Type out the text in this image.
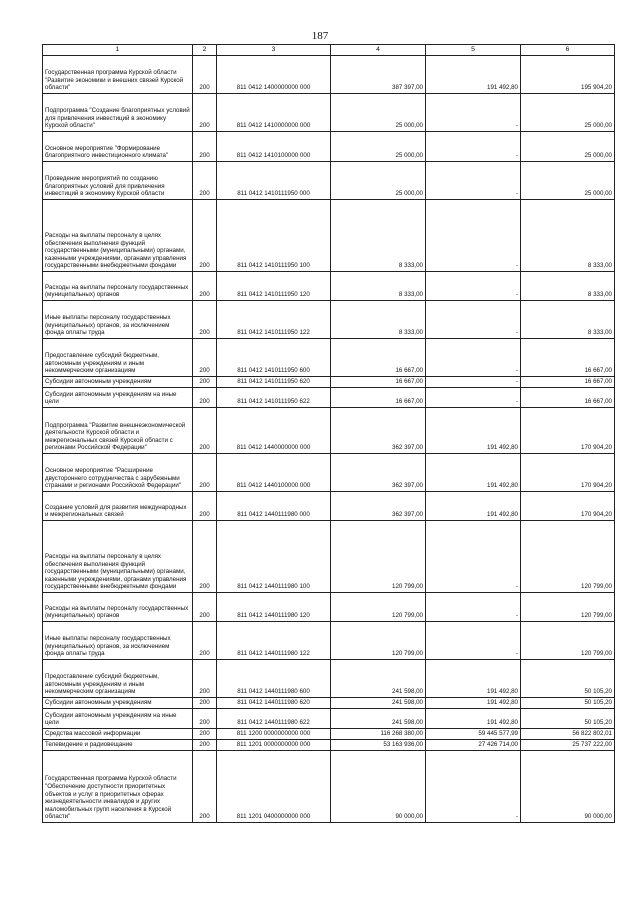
187
1	2	3	4	5	6
Государственная программа Курской области "Развитие экономики и внешних связей Курской области"	200	811 0412 1400000000 000	387 397,00	191 492,80	195 904,20
Подпрограмма "Создание благоприятных условий для привлечения инвестиций в экономику Курской области"	200	811 0412 1410000000 000	25 000,00	-	25 000,00
Основное мероприятие "Формирование благоприятного инвестиционного климата"	200	811 0412 1410100000 000	25 000,00	-	25 000,00
Проведение мероприятий по созданию благоприятных условий для привлечения инвестиций в экономику Курской области	200	811 0412 1410111950 000	25 000,00	-	25 000,00
Расходы на выплаты персоналу в целях обеспечения выполнения функций государственными (муниципальными) органами, казенными учреждениями, органами управления государственными внебюджетными фондами	200	811 0412 1410111950 100	8 333,00	-	8 333,00
Расходы на выплаты персоналу государственных (муниципальных) органов	200	811 0412 1410111950 120	8 333,00	-	8 333,00
Иные выплаты персоналу государственных (муниципальных) органов, за исключением фонда оплаты труда	200	811 0412 1410111950 122	8 333,00	-	8 333,00
Предоставление субсидий бюджетным, автономным учреждениям и иным некоммерческим организациям	200	811 0412 1410111950 600	16 667,00	-	16 667,00
Субсидии автономным учреждениям	200	811 0412 1410111950 620	16 667,00	-	16 667,00
Субсидии автономным учреждениям на иные цели	200	811 0412 1410111950 622	16 667,00	-	16 667,00
Подпрограмма "Развитие внешнеэкономической деятельности Курской области и межрегиональных связей Курской области с регионами Российской Федерации"	200	811 0412 1440000000 000	362 397,00	191 492,80	170 904,20
Основное мероприятие "Расширение двустороннего сотрудничества с зарубежными странами и регионами Российской Федерации"	200	811 0412 1440100000 000	362 397,00	191 492,80	170 904,20
Создание условий для развития международных и межрегиональных связей	200	811 0412 1440111980 000	362 397,00	191 492,80	170 904,20
Расходы на выплаты персоналу в целях обеспечения выполнения функций государственными (муниципальными) органами, казенными учреждениями, органами управления государственными внебюджетными фондами	200	811 0412 1440111980 100	120 799,00	-	120 799,00
Расходы на выплаты персоналу государственных (муниципальных) органов	200	811 0412 1440111980 120	120 799,00	-	120 799,00
Иные выплаты персоналу государственных (муниципальных) органов, за исключением фонда оплаты труда	200	811 0412 1440111980 122	120 799,00	-	120 799,00
Предоставление субсидий бюджетным, автономным учреждениям и иным некоммерческим организациям	200	811 0412 1440111980 600	241 598,00	191 492,80	50 105,20
Субсидии автономным учреждениям	200	811 0412 1440111980 620	241 598,00	191 492,80	50 105,20
Субсидии автономным учреждениям на иные цели	200	811 0412 1440111980 622	241 598,00	191 492,80	50 105,20
Средства массовой информации	200	811 1200 0000000000 000	116 268 380,00	59 445 577,99	56 822 802,01
Телевидение и радиовещание	200	811 1201 0000000000 000	53 163 936,00	27 426 714,00	25 737 222,00
Государственная программа Курской области "Обеспечение доступности приоритетных объектов и услуг в приоритетных сферах жизнедеятельности инвалидов и других маломобильных групп населения в Курской области"	200	811 1201 0400000000 000	90 000,00	-	90 000,00
